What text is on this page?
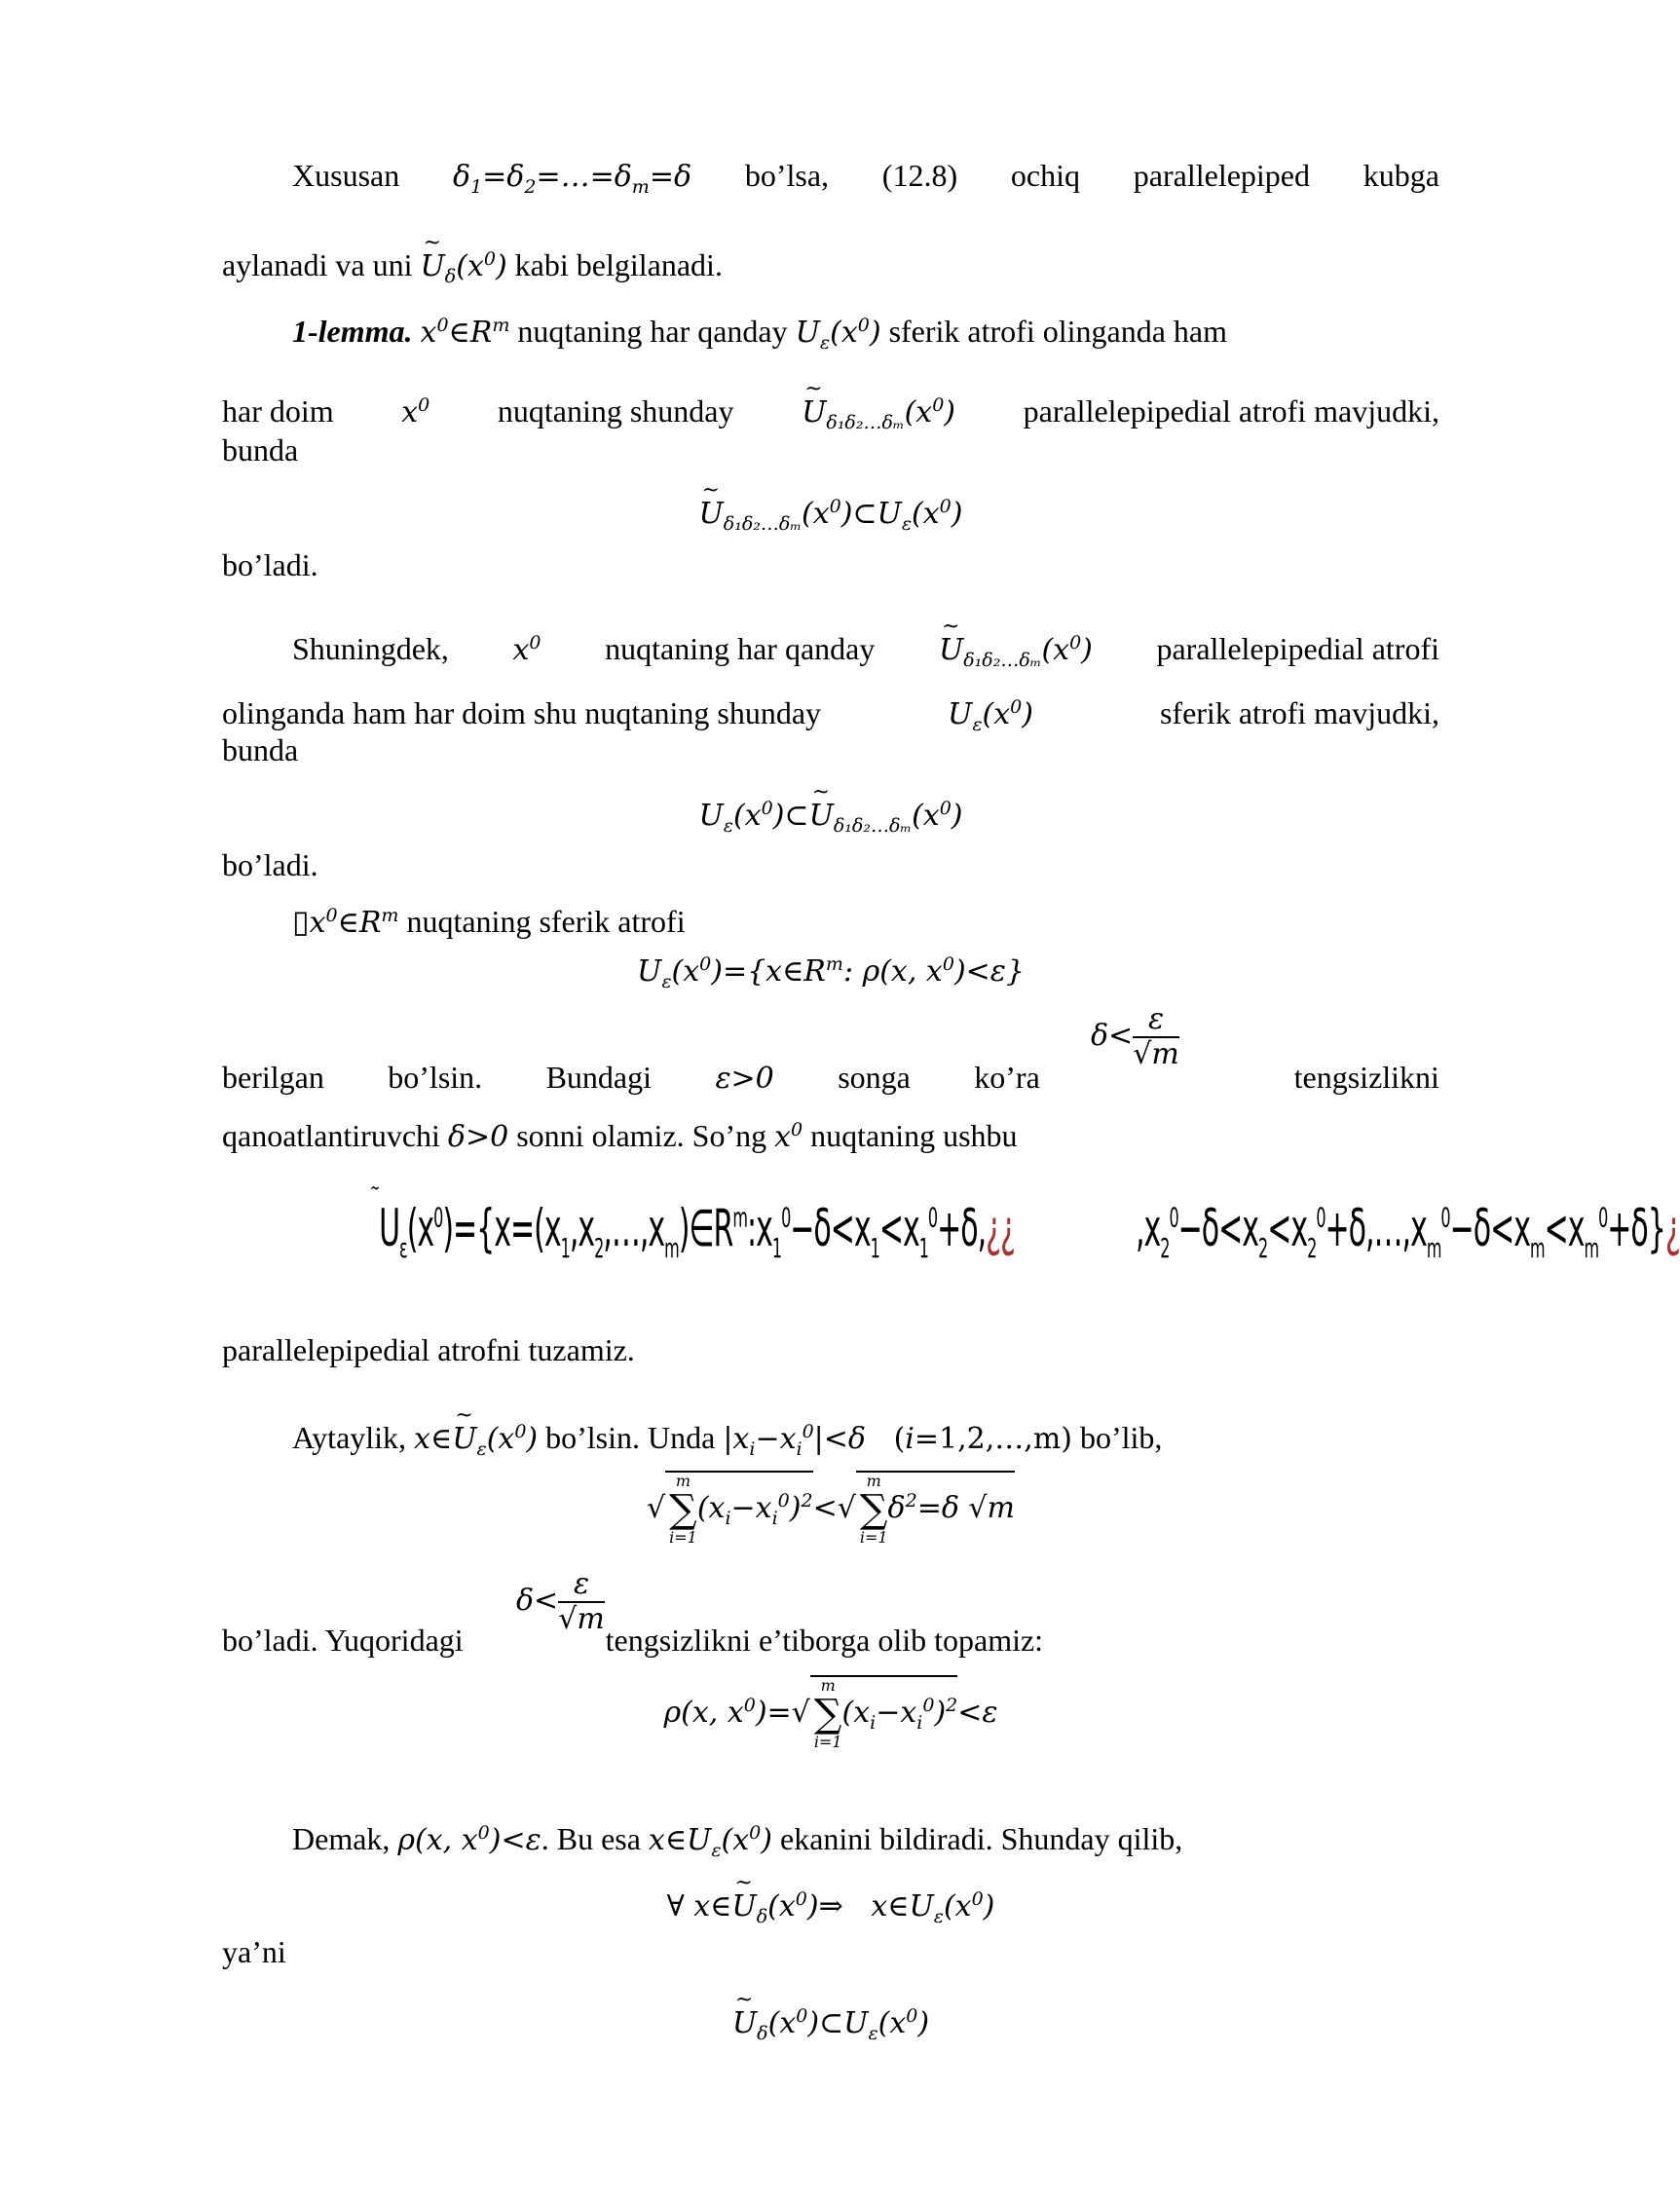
Xususan $\delta_1=\delta_2=\dots=\delta_m=\delta$ bo’lsa, (12.8) ochiq parallelepiped kubga
aylanadi va uni ~ $U_\delta(x^0)$ kabi belgilanadi.
1-lemma. $x^0\in R^m$ nuqtaning har qanday $U_\varepsilon(x^0)$ sferik atrofi olinganda ham
har doim $x^0$ nuqtaning shunday ~ $U_{\delta_1\delta_2\dots\delta_m}(x^0)$ parallelepipedial atrofi mavjudki,
bunda
~ $U_{\delta_1\delta_2\dots\delta_m}(x^0)\subset U_\varepsilon(x^0)$
bo’ladi.
Shuningdek, $x^0$ nuqtaning har qanday ~ $U_{\delta_1\delta_2\dots\delta_m}(x^0)$ parallelepipedial atrofi
olinganda ham har doim shu nuqtaning shunday	$U_\varepsilon(x^0)$	sferik atrofi mavjudki,
bunda
$U_\varepsilon(x^0)\subset\sim$ $U_{\delta_1\delta_2\dots\delta_m}(x^0)$
bo’ladi.
$▯x^0\in R^m$ nuqtaning sferik atrofi
$U_\varepsilon(x^0)=\{x\in R^m$: ρ(x, $x^0)<\varepsilon$}
berilgan bo’lsin. Bundagi ε>0 songa ko’ra	tengsizlikni
$\delta< \frac{\varepsilon}{√m}$
qanoatlantiruvchi δ>0 sonni olamiz. So’ng $x^0$ nuqtaning ushbu
$^\sim U_\varepsilon(x^0)=\{x=(x_1,x_2,\dots,x_m)\in R^m:x_1^0-\delta<x_1<x_1^0+\delta,¿¿$	$,x_2^0-\delta<x_2<x_2^0+\delta,\dots,x_m^0-\delta<x_m<x_m^0+\delta\}¿$
parallelepipedial atrofni tuzamiz.
Aytaylik, x∈~ $U_\varepsilon(x^0)$ bo’lsin. Unda $|x_i-x_i^0|<\delta$   (i=1,2,…,m) bo’lib,
√m
∑
$i=1(x_i-x_i^0)^2<√m$
∑
$i=1\delta^2=\delta$ √m
bo’ladi. Yuqoridagi	tengsizlikni e’tiborga olib topamiz:
$\delta< \frac{\varepsilon}{√m}$
ρ(x, $x^0)=√m$
∑
$i=1(x_i-x_i^0)^2<\varepsilon$
Demak, ρ(x, $x^0)<\varepsilon$. Bu esa $x\in U_\varepsilon(x^0)$ ekanini bildiradi. Shunday qilib,
∀ x∈~ $U_\delta(x^0)\Rightarrow$   $x\in U_\varepsilon(x^0)$
ya’ni
~ $U_\delta(x^0)\subset U_\varepsilon(x^0)$
